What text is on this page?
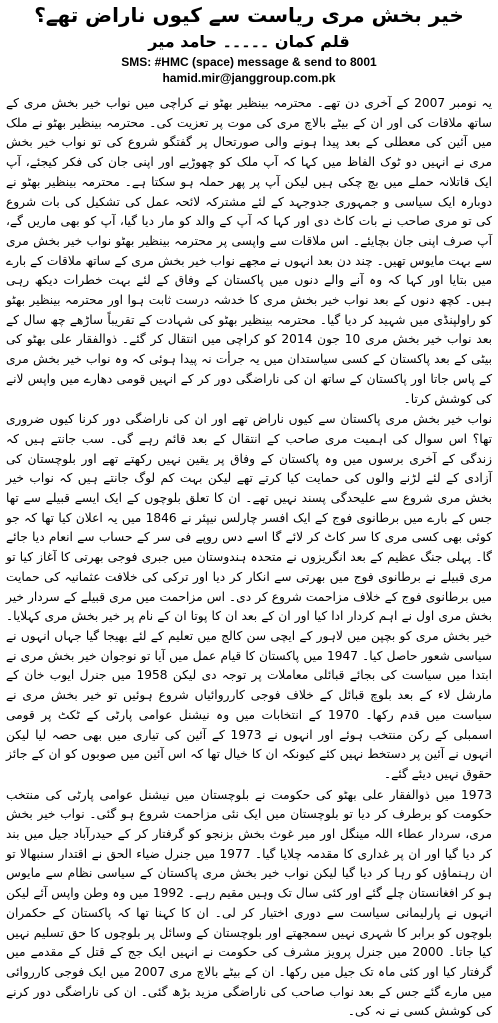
خیر بخش مری ریاست سے کیوں ناراض تھے؟
قلم کمان ۔۔۔۔۔ حامد میر
SMS: #HMC (space) message & send to 8001
hamid.mir@janggroup.com.pk

یہ نومبر 2007 کے آخری دن تھے۔ محترمہ بینظیر بھٹو نے کراچی میں نواب خیر بخش مری کے ساتھ ملاقات کی اور ان کے بیٹے بالاچ مری کی موت پر تعزیت کی۔ محترمہ بینظیر بھٹو نے ملک میں آئین کی معطلی کے بعد پیدا ہونے والی صورتحال پر گفتگو شروع کی تو نواب خیر بخش مری نے انہیں دو ٹوک الفاظ میں کہا کہ آپ ملک کو چھوڑیے اور اپنی جان کی فکر کیجئے، آپ ایک قاتلانہ حملے میں بچ چکی ہیں لیکن آپ پر پھر حملہ ہو سکتا ہے۔ محترمہ بینظیر بھٹو نے دوبارہ ایک سیاسی و جمہوری جدوجہد کے لئے مشترکہ لائحہ عمل کی تشکیل کی بات شروع کی تو مری صاحب نے بات کاٹ دی اور کہا کہ آپ کے والد کو مار دیا گیا، آپ کو بھی ماریں گے، آپ صرف اپنی جان بچایئے۔ اس ملاقات سے واپسی پر محترمہ بینظیر بھٹو نواب خیر بخش مری سے بہت مایوس تھیں۔ چند دن بعد انہوں نے مجھے نواب خیر بخش مری کے ساتھ ملاقات کے بارے میں بتایا اور کہا کہ وہ آنے والے دنوں میں پاکستان کے وفاق کے لئے بہت خطرات دیکھ رہی ہیں۔ کچھ دنوں کے بعد نواب خیر بخش مری کا خدشہ درست ثابت ہوا اور محترمہ بینظیر بھٹو کو راولپنڈی میں شہید کر دیا گیا۔ محترمہ بینظیر بھٹو کی شہادت کے تقریباً ساڑھے چھ سال کے بعد نواب خیر بخش مری 10 جون 2014 کو کراچی میں انتقال کر گئے۔ ذوالفقار علی بھٹو کی بیٹی کے بعد پاکستان کے کسی سیاستدان میں یہ جرأت نہ پیدا ہوئی کہ وہ نواب خیر بخش مری کے پاس جاتا اور پاکستان کے ساتھ ان کی ناراضگی دور کر کے انہیں قومی دھارے میں واپس لانے کی کوشش کرتا۔

نواب خیر بخش مری پاکستان سے کیوں ناراض تھے اور ان کی ناراضگی دور کرنا کیوں ضروری تھا؟ اس سوال کی اہمیت مری صاحب کے انتقال کے بعد قائم رہے گی۔ سب جانتے ہیں کہ زندگی کے آخری برسوں میں وہ پاکستان کے وفاق پر یقین نہیں رکھتے تھے اور بلوچستان کی آزادی کے لئے لڑنے والوں کی حمایت کیا کرتے تھے لیکن بہت کم لوگ جانتے ہیں کہ نواب خیر بخش مری شروع سے علیحدگی پسند نہیں تھے۔ ان کا تعلق بلوچوں کے ایک ایسے قبیلے سے تھا جس کے بارے میں برطانوی فوج کے ایک افسر چارلس نیپئر نے 1846 میں یہ اعلان کیا تھا کہ جو کوئی بھی کسی مری کا سر کاٹ کر لائے گا اسے دس روپے فی سر کے حساب سے انعام دیا جائے گا۔ پہلی جنگ عظیم کے بعد انگریزوں نے متحدہ ہندوستان میں جبری فوجی بھرتی کا آغاز کیا تو مری قبیلے نے برطانوی فوج میں بھرتی سے انکار کر دیا اور ترکی کی خلافت عثمانیہ کی حمایت میں برطانوی فوج کے خلاف مزاحمت شروع کر دی۔ اس مزاحمت میں مری قبیلے کے سردار خیر بخش مری اول نے اہم کردار ادا کیا اور ان کے بعد ان کا پوتا ان کے نام پر خیر بخش مری کہلایا۔ خیر بخش مری کو بچپن میں لاہور کے ایچی سن کالج میں تعلیم کے لئے بھیجا گیا جہاں انہوں نے سیاسی شعور حاصل کیا۔ 1947 میں پاکستان کا قیام عمل میں آیا تو نوجوان خیر بخش مری نے ابتدا میں سیاست کی بجائے قبائلی معاملات پر توجہ دی لیکن 1958 میں جنرل ایوب خان کے مارشل لاء کے بعد بلوچ قبائل کے خلاف فوجی کارروائیاں شروع ہوئیں تو خیر بخش مری نے سیاست میں قدم رکھا۔ 1970 کے انتخابات میں وہ نیشنل عوامی پارٹی کے ٹکٹ پر قومی اسمبلی کے رکن منتخب ہوئے اور انہوں نے 1973 کے آئین کی تیاری میں بھی حصہ لیا لیکن انہوں نے آئین پر دستخط نہیں کئے کیونکہ ان کا خیال تھا کہ اس آئین میں صوبوں کو ان کے جائز حقوق نہیں دیئے گئے۔

1973 میں ذوالفقار علی بھٹو کی حکومت نے بلوچستان میں نیشنل عوامی پارٹی کی منتخب حکومت کو برطرف کر دیا تو بلوچستان میں ایک نئی مزاحمت شروع ہو گئی۔ نواب خیر بخش مری، سردار عطاء اللہ مینگل اور میر غوث بخش بزنجو کو گرفتار کر کے حیدرآباد جیل میں بند کر دیا گیا اور ان پر غداری کا مقدمہ چلایا گیا۔ 1977 میں جنرل ضیاء الحق نے اقتدار سنبھالا تو ان رہنماؤں کو رہا کر دیا گیا لیکن نواب خیر بخش مری پاکستان کے سیاسی نظام سے مایوس ہو کر افغانستان چلے گئے اور کئی سال تک وہیں مقیم رہے۔ 1992 میں وہ وطن واپس آئے لیکن انہوں نے پارلیمانی سیاست سے دوری اختیار کر لی۔ ان کا کہنا تھا کہ پاکستان کے حکمران بلوچوں کو برابر کا شہری نہیں سمجھتے اور بلوچستان کے وسائل پر بلوچوں کا حق تسلیم نہیں کیا جاتا۔ 2000 میں جنرل پرویز مشرف کی حکومت نے انہیں ایک جج کے قتل کے مقدمے میں گرفتار کیا اور کئی ماہ تک جیل میں رکھا۔ ان کے بیٹے بالاچ مری 2007 میں ایک فوجی کارروائی میں مارے گئے جس کے بعد نواب صاحب کی ناراضگی مزید بڑھ گئی۔ ان کی ناراضگی دور کرنے کی کوشش کسی نے نہ کی۔
